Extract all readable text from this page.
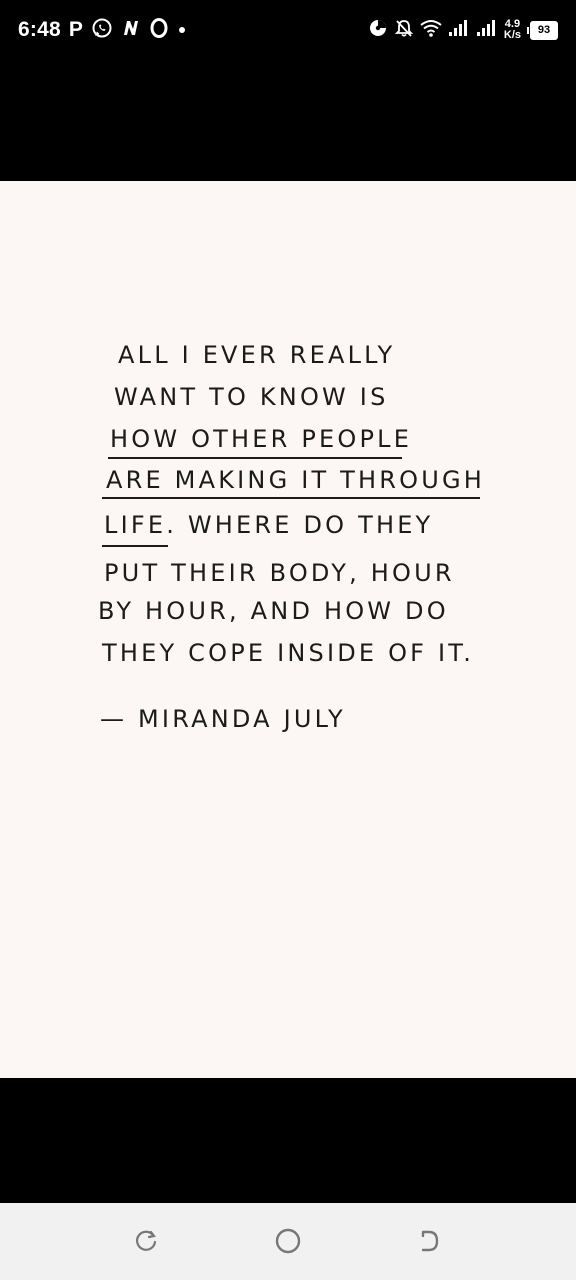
6:48 P	4.9
K/s	93
ALL I EVER REALLY
WANT TO KNOW IS
HOW OTHER PEOPLE
ARE MAKING IT THROUGH
LIFE. WHERE DO THEY
PUT THEIR BODY, HOUR
BY HOUR, AND HOW DO
THEY COPE INSIDE OF IT.
— MIRANDA JULY
